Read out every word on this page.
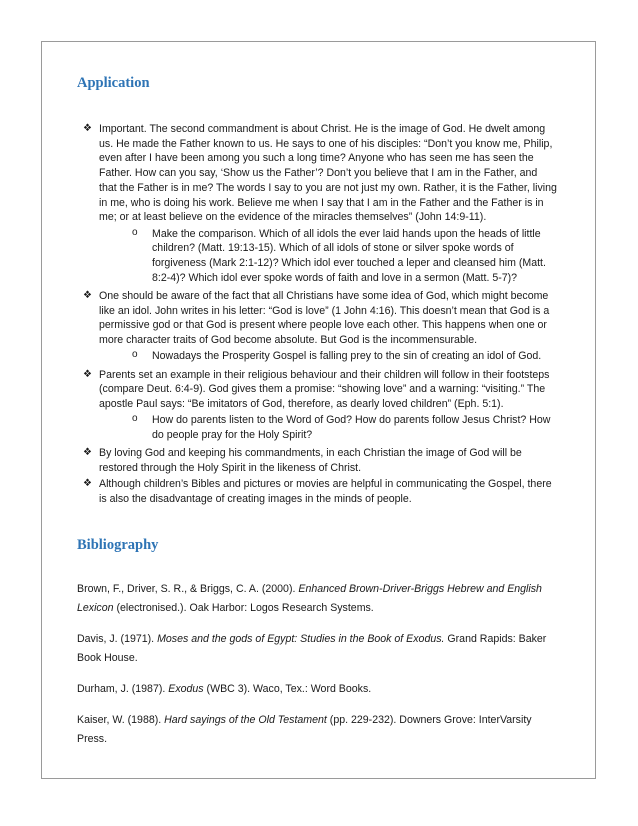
Application
❖ Important. The second commandment is about Christ. He is the image of God. He dwelt among us. He made the Father known to us. He says to one of his disciples: “Don’t you know me, Philip, even after I have been among you such a long time? Anyone who has seen me has seen the Father. How can you say, ‘Show us the Father’? Don’t you believe that I am in the Father, and that the Father is in me? The words I say to you are not just my own. Rather, it is the Father, living in me, who is doing his work. Believe me when I say that I am in the Father and the Father is in me; or at least believe on the evidence of the miracles themselves” (John 14:9-11).
o Make the comparison. Which of all idols the ever laid hands upon the heads of little children? (Matt. 19:13-15). Which of all idols of stone or silver spoke words of forgiveness (Mark 2:1-12)? Which idol ever touched a leper and cleansed him (Matt. 8:2-4)? Which idol ever spoke words of faith and love in a sermon (Matt. 5-7)?
❖ One should be aware of the fact that all Christians have some idea of God, which might become like an idol. John writes in his letter: “God is love” (1 John 4:16). This doesn’t mean that God is a permissive god or that God is present where people love each other. This happens when one or more character traits of God become absolute. But God is the incommensurable.
o Nowadays the Prosperity Gospel is falling prey to the sin of creating an idol of God.
❖ Parents set an example in their religious behaviour and their children will follow in their footsteps (compare Deut. 6:4-9). God gives them a promise: “showing love” and a warning: “visiting.” The apostle Paul says: “Be imitators of God, therefore, as dearly loved children” (Eph. 5:1).
o How do parents listen to the Word of God? How do parents follow Jesus Christ? How do people pray for the Holy Spirit?
❖ By loving God and keeping his commandments, in each Christian the image of God will be restored through the Holy Spirit in the likeness of Christ.
❖ Although children’s Bibles and pictures or movies are helpful in communicating the Gospel, there is also the disadvantage of creating images in the minds of people.
Bibliography

Brown, F., Driver, S. R., & Briggs, C. A. (2000). Enhanced Brown-Driver-Briggs Hebrew and English Lexicon (electronised.). Oak Harbor: Logos Research Systems.

Davis, J. (1971). Moses and the gods of Egypt: Studies in the Book of Exodus. Grand Rapids: Baker Book House.

Durham, J. (1987). Exodus (WBC 3). Waco, Tex.: Word Books.

Kaiser, W. (1988). Hard sayings of the Old Testament (pp. 229-232). Downers Grove: InterVarsity Press.
